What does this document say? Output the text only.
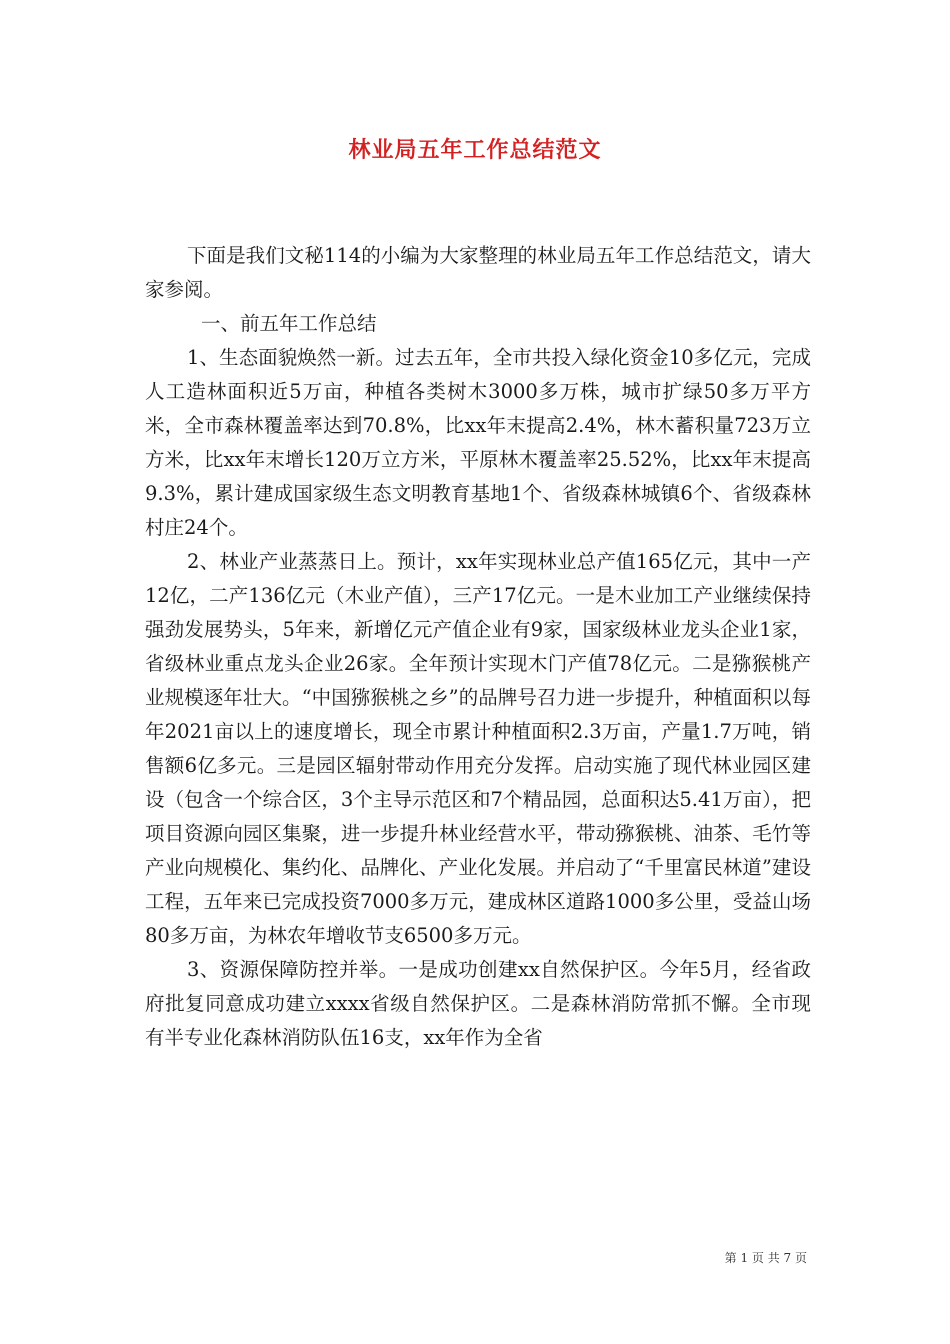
林业局五年工作总结范文

下面是我们文秘114的小编为大家整理的林业局五年工作总结范文，请大家参阅。

一、前五年工作总结

1、生态面貌焕然一新。过去五年，全市共投入绿化资金10多亿元，完成人工造林面积近5万亩，种植各类树木3000多万株，城市扩绿50多万平方米，全市森林覆盖率达到70.8%，比xx年末提高2.4%，林木蓄积量723万立方米，比xx年末增长120万立方米，平原林木覆盖率25.52%，比xx年末提高9.3%，累计建成国家级生态文明教育基地1个、省级森林城镇6个、省级森林村庄24个。

2、林业产业蒸蒸日上。预计，xx年实现林业总产值165亿元，其中一产12亿，二产136亿元（木业产值），三产17亿元。一是木业加工产业继续保持强劲发展势头，5年来，新增亿元产值企业有9家，国家级林业龙头企业1家，省级林业重点龙头企业26家。全年预计实现木门产值78亿元。二是猕猴桃产业规模逐年壮大。“中国猕猴桃之乡”的品牌号召力进一步提升，种植面积以每年2021亩以上的速度增长，现全市累计种植面积2.3万亩，产量1.7万吨，销售额6亿多元。三是园区辐射带动作用充分发挥。启动实施了现代林业园区建设（包含一个综合区，3个主导示范区和7个精品园，总面积达5.41万亩），把项目资源向园区集聚，进一步提升林业经营水平，带动猕猴桃、油茶、毛竹等产业向规模化、集约化、品牌化、产业化发展。并启动了“千里富民林道”建设工程，五年来已完成投资7000多万元，建成林区道路1000多公里，受益山场80多万亩，为林农年增收节支6500多万元。

3、资源保障防控并举。一是成功创建xx自然保护区。今年5月，经省政府批复同意成功建立xxxx省级自然保护区。二是森林消防常抓不懈。全市现有半专业化森林消防队伍16支，xx年作为全省

第 1 页 共 7 页
